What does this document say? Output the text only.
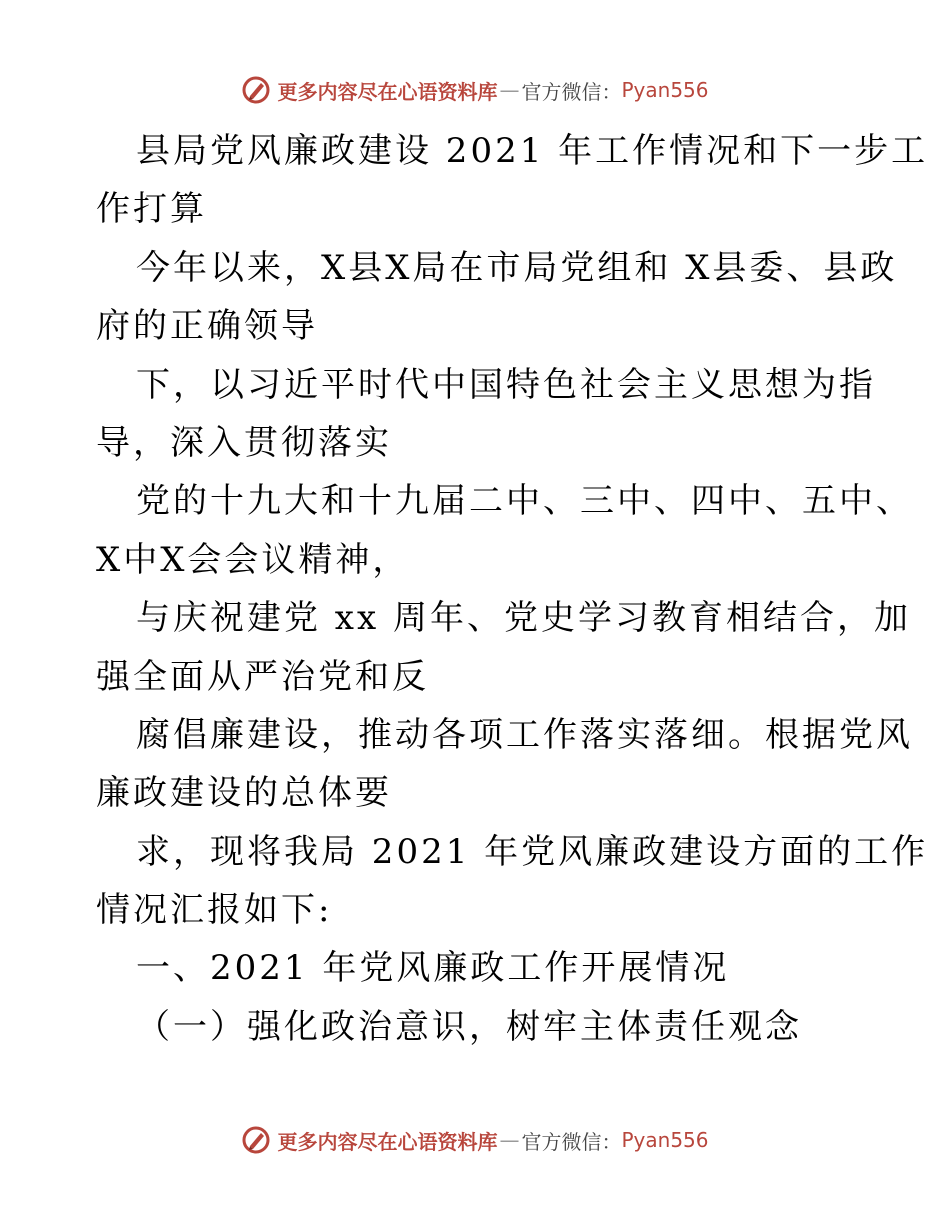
更多内容尽在心语资料库 — 官方微信： Pyan556
县局党风廉政建设 2021 年工作情况和下一步工
作打算
今年以来，X县X局在市局党组和 X县委、县政
府的正确领导
下，以习近平时代中国特色社会主义思想为指
导，深入贯彻落实
党的十九大和十九届二中、三中、四中、五中、
X中X会会议精神，
与庆祝建党 xx 周年、党史学习教育相结合，加
强全面从严治党和反
腐倡廉建设，推动各项工作落实落细。根据党风
廉政建设的总体要
求，现将我局 2021 年党风廉政建设方面的工作
情况汇报如下:
一、2021 年党风廉政工作开展情况
（一）强化政治意识，树牢主体责任观念
更多内容尽在心语资料库 — 官方微信： Pyan556
